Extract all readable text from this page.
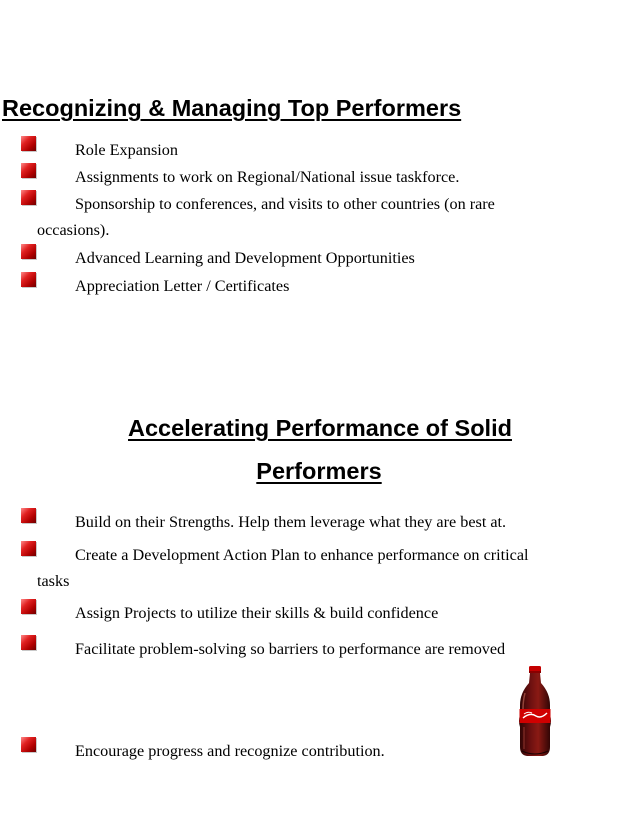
Recognizing & Managing Top Performers
Role Expansion
Assignments to work on Regional/National issue taskforce.
Sponsorship to conferences, and visits to other countries (on rare
occasions).
Advanced Learning and Development Opportunities
Appreciation Letter / Certificates
Accelerating Performance of Solid
Performers
Build on their Strengths. Help them leverage what they are best at.
Create a Development Action Plan to enhance performance on critical
tasks
Assign Projects to utilize their skills & build confidence
Facilitate problem-solving so barriers to performance are removed
Encourage progress and recognize contribution.
